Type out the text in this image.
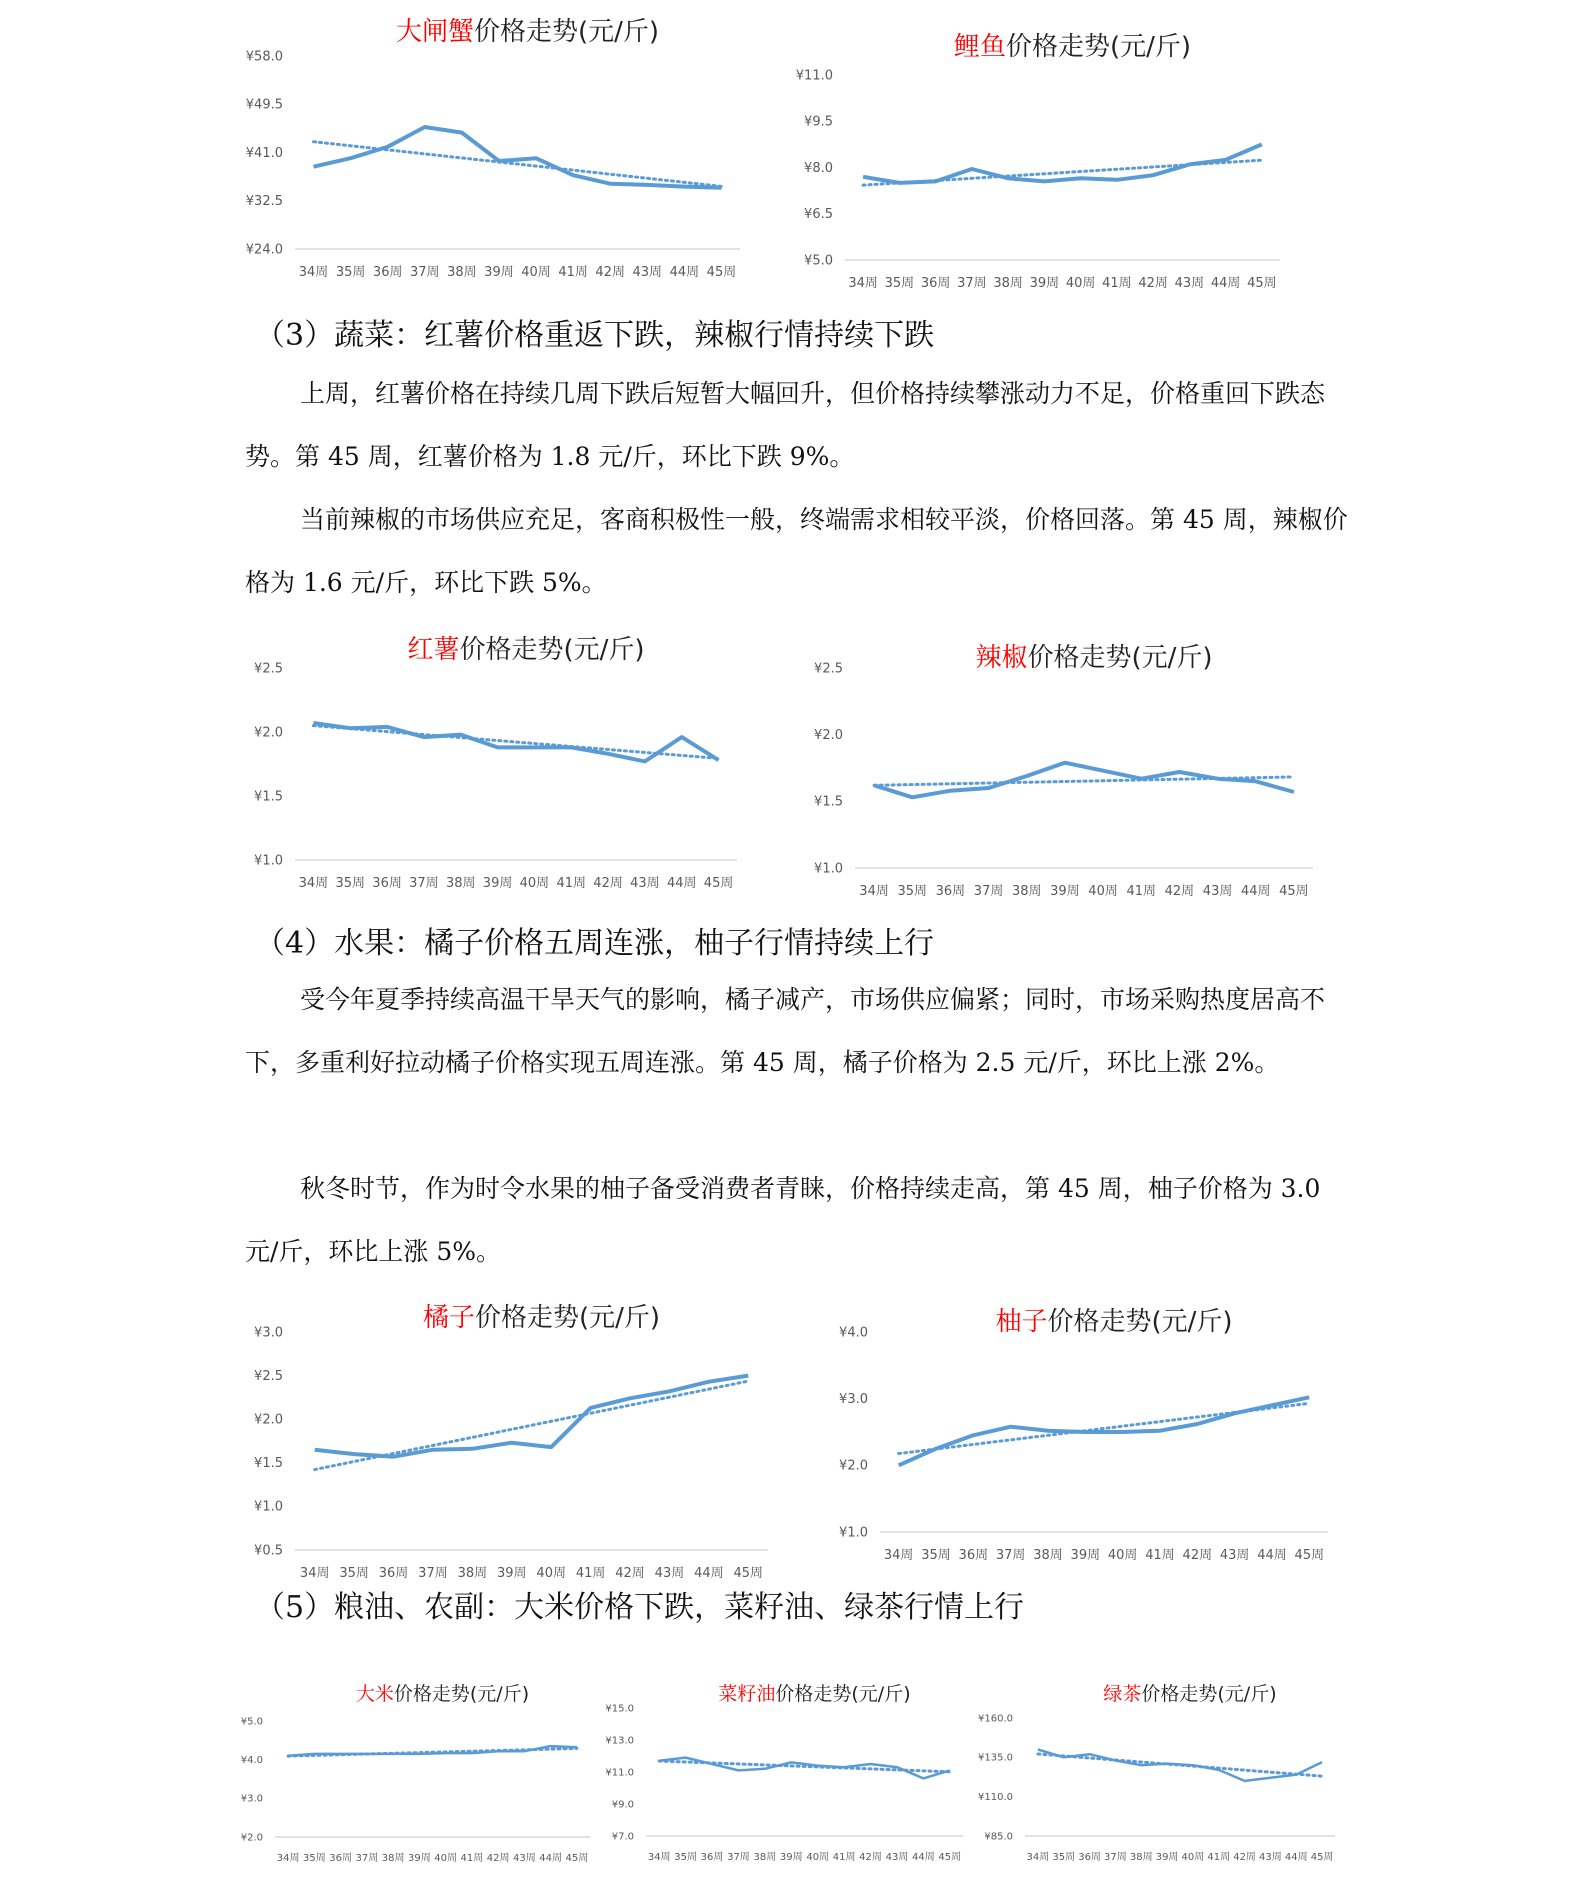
大闸蟹价格走势(元/斤)
¥24.0
¥32.5
¥41.0
¥49.5
¥58.0
34周 35周 36周 37周 38周 39周 40周 41周 42周 43周 44周 45周
鲤鱼价格走势(元/斤)
¥5.0
¥6.5
¥8.0
¥9.5
¥11.0
34周 35周 36周 37周 38周 39周 40周 41周 42周 43周 44周 45周
（3）蔬菜：红薯价格重返下跌，辣椒行情持续下跌

上周，红薯价格在持续几周下跌后短暂大幅回升，但价格持续攀涨动力不足，价格重回下跌态势。第 45 周，红薯价格为 1.8 元/斤，环比下跌 9%。

当前辣椒的市场供应充足，客商积极性一般，终端需求相较平淡，价格回落。第 45 周，辣椒价格为 1.6 元/斤，环比下跌 5%。

红薯价格走势(元/斤)
¥1.0
¥1.5
¥2.0
¥2.5
34周 35周 36周 37周 38周 39周 40周 41周 42周 43周 44周 45周
辣椒价格走势(元/斤)
¥1.0
¥1.5
¥2.0
¥2.5
34周 35周 36周 37周 38周 39周 40周 41周 42周 43周 44周 45周
（4）水果：橘子价格五周连涨，柚子行情持续上行

受今年夏季持续高温干旱天气的影响，橘子减产，市场供应偏紧；同时，市场采购热度居高不下，多重利好拉动橘子价格实现五周连涨。第 45 周，橘子价格为 2.5 元/斤，环比上涨 2%。

秋冬时节，作为时令水果的柚子备受消费者青睐，价格持续走高，第 45 周，柚子价格为 3.0 元/斤，环比上涨 5%。

橘子价格走势(元/斤)
¥0.5
¥1.0
¥1.5
¥2.0
¥2.5
¥3.0
34周 35周 36周 37周 38周 39周 40周 41周 42周 43周 44周 45周
柚子价格走势(元/斤)
¥1.0
¥2.0
¥3.0
¥4.0
34周 35周 36周 37周 38周 39周 40周 41周 42周 43周 44周 45周
（5）粮油、农副：大米价格下跌，菜籽油、绿茶行情上行
大米价格走势(元/斤)
¥2.0
¥3.0
¥4.0
¥5.0
34周 35周 36周 37周 38周 39周 40周 41周 42周 43周 44周 45周
菜籽油价格走势(元/斤)
¥7.0
¥9.0
¥11.0
¥13.0
¥15.0
34周 35周 36周 37周 38周 39周 40周 41周 42周 43周 44周 45周
绿茶价格走势(元/斤)
¥85.0
¥110.0
¥135.0
¥160.0
34周 35周 36周 37周 38周 39周 40周 41周 42周 43周 44周 45周
